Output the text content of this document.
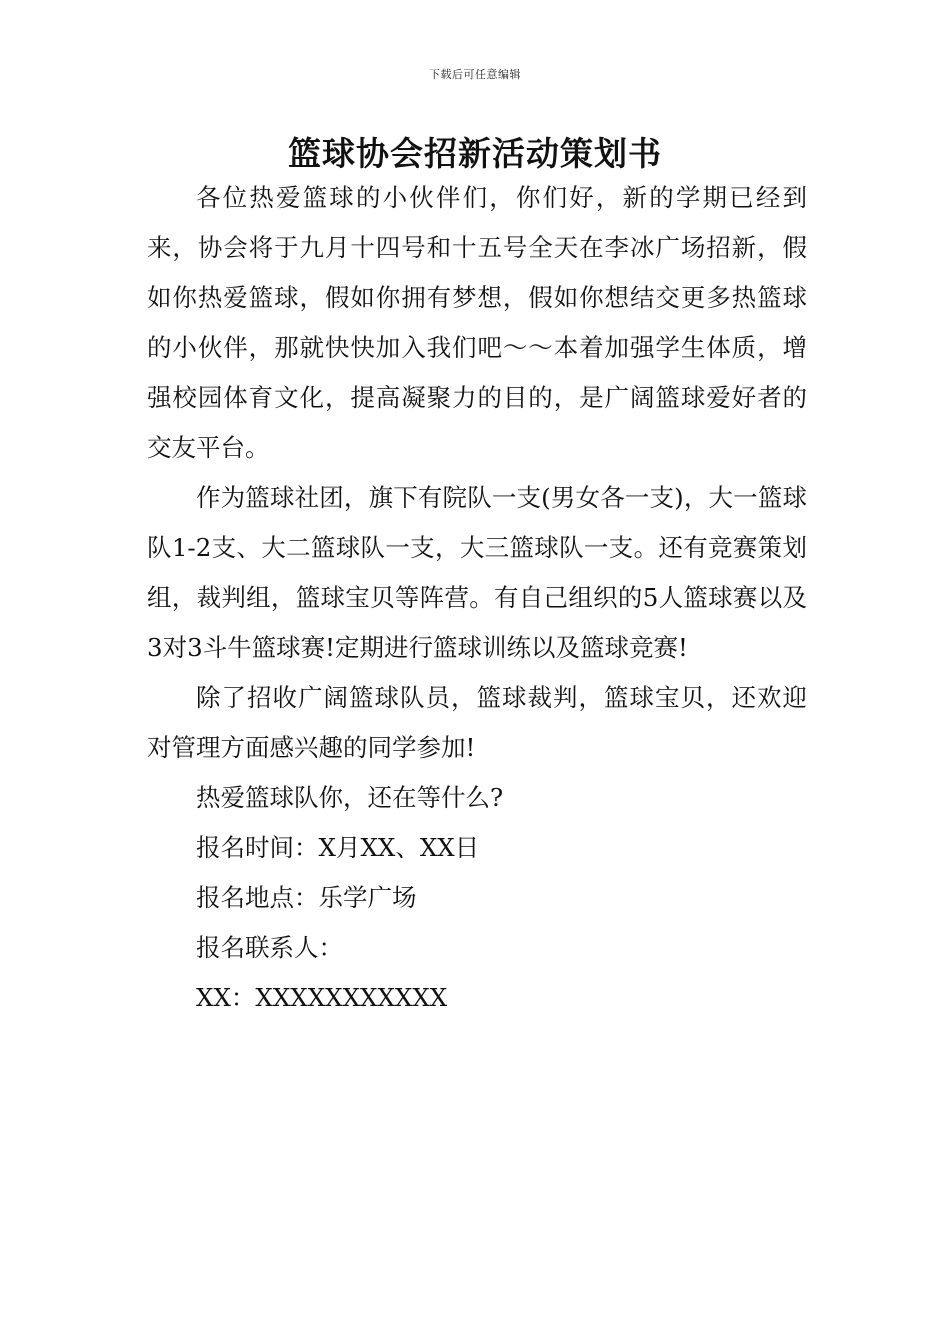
下载后可任意编辑
篮球协会招新活动策划书

各位热爱篮球的小伙伴们，你们好，新的学期已经到来，协会将于九月十四号和十五号全天在李冰广场招新，假如你热爱篮球，假如你拥有梦想，假如你想结交更多热篮球的小伙伴，那就快快加入我们吧～～本着加强学生体质，增强校园体育文化，提高凝聚力的目的，是广阔篮球爱好者的交友平台。

作为篮球社团，旗下有院队一支(男女各一支)，大一篮球队1-2支、大二篮球队一支，大三篮球队一支。还有竞赛策划组，裁判组，篮球宝贝等阵营。有自己组织的5人篮球赛以及3对3斗牛篮球赛!定期进行篮球训练以及篮球竞赛!

除了招收广阔篮球队员，篮球裁判，篮球宝贝，还欢迎对管理方面感兴趣的同学参加!

热爱篮球队你，还在等什么?

报名时间：X月XX、XX日

报名地点：乐学广场

报名联系人：

XX：XXXXXXXXXXX
